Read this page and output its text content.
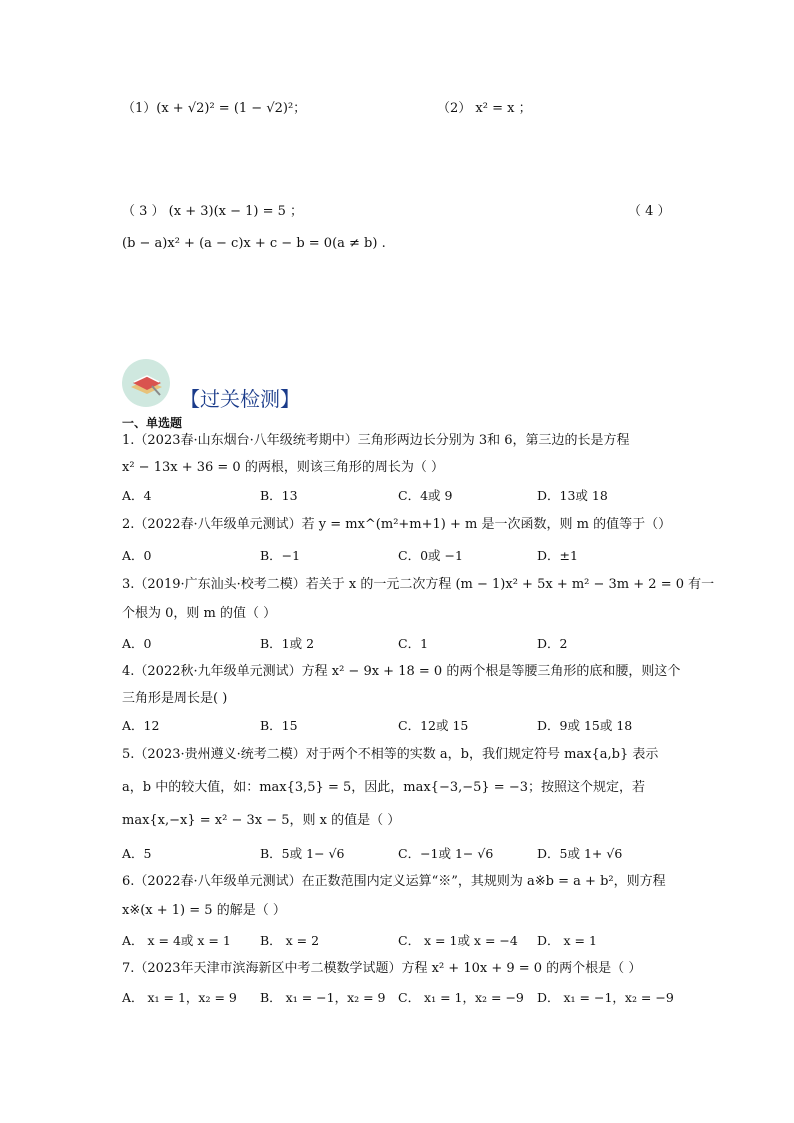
（1）(x + √2)² = (1 − √2)²；	（2） x² = x ；
（ 3 ） (x + 3)(x − 1) = 5 ；	（ 4 ）
(b − a)x² + (a − c)x + c − b = 0(a ≠ b) .
【过关检测】
一、单选题
1.（2023春·山东烟台·八年级统考期中）三角形两边长分别为 3和 6，第三边的长是方程
x² − 13x + 36 = 0 的两根，则该三角形的周长为（ ）
A．4	B．13	C．4或 9	D．13或 18
2.（2022春·八年级单元测试）若 y = mx^(m²+m+1) + m 是一次函数，则 m 的值等于（）
A．0	B．−1	C．0或 −1	D．±1
3.（2019·广东汕头·校考二模）若关于 x 的一元二次方程 (m − 1)x² + 5x + m² − 3m + 2 = 0 有一
个根为 0，则 m 的值（ ）
A．0	B．1或 2	C．1	D．2
4.（2022秋·九年级单元测试）方程 x² − 9x + 18 = 0 的两个根是等腰三角形的底和腰，则这个
三角形是周长是( )
A．12	B．15	C．12或 15	D．9或 15或 18
5.（2023·贵州遵义·统考二模）对于两个不相等的实数 a，b，我们规定符号 max{a,b} 表示
a，b 中的较大值，如：max{3,5} = 5，因此，max{−3,−5} = −3；按照这个规定，若
max{x,−x} = x² − 3x − 5，则 x 的值是（ ）
A．5	B．5或 1− √6	C．−1或 1− √6	D．5或 1+ √6
6.（2022春·八年级单元测试）在正数范围内定义运算“※”，其规则为 a※b = a + b²，则方程
x※(x + 1) = 5 的解是（ ）
A． x = 4或 x = 1 B． x = 2	C． x = 1或 x = −4 D． x = 1
7.（2023年天津市滨海新区中考二模数学试题）方程 x² + 10x + 9 = 0 的两个根是（ ）
A． x₁ = 1，x₂ = 9 B． x₁ = −1，x₂ = 9 C． x₁ = 1，x₂ = −9 D． x₁ = −1，x₂ = −9
